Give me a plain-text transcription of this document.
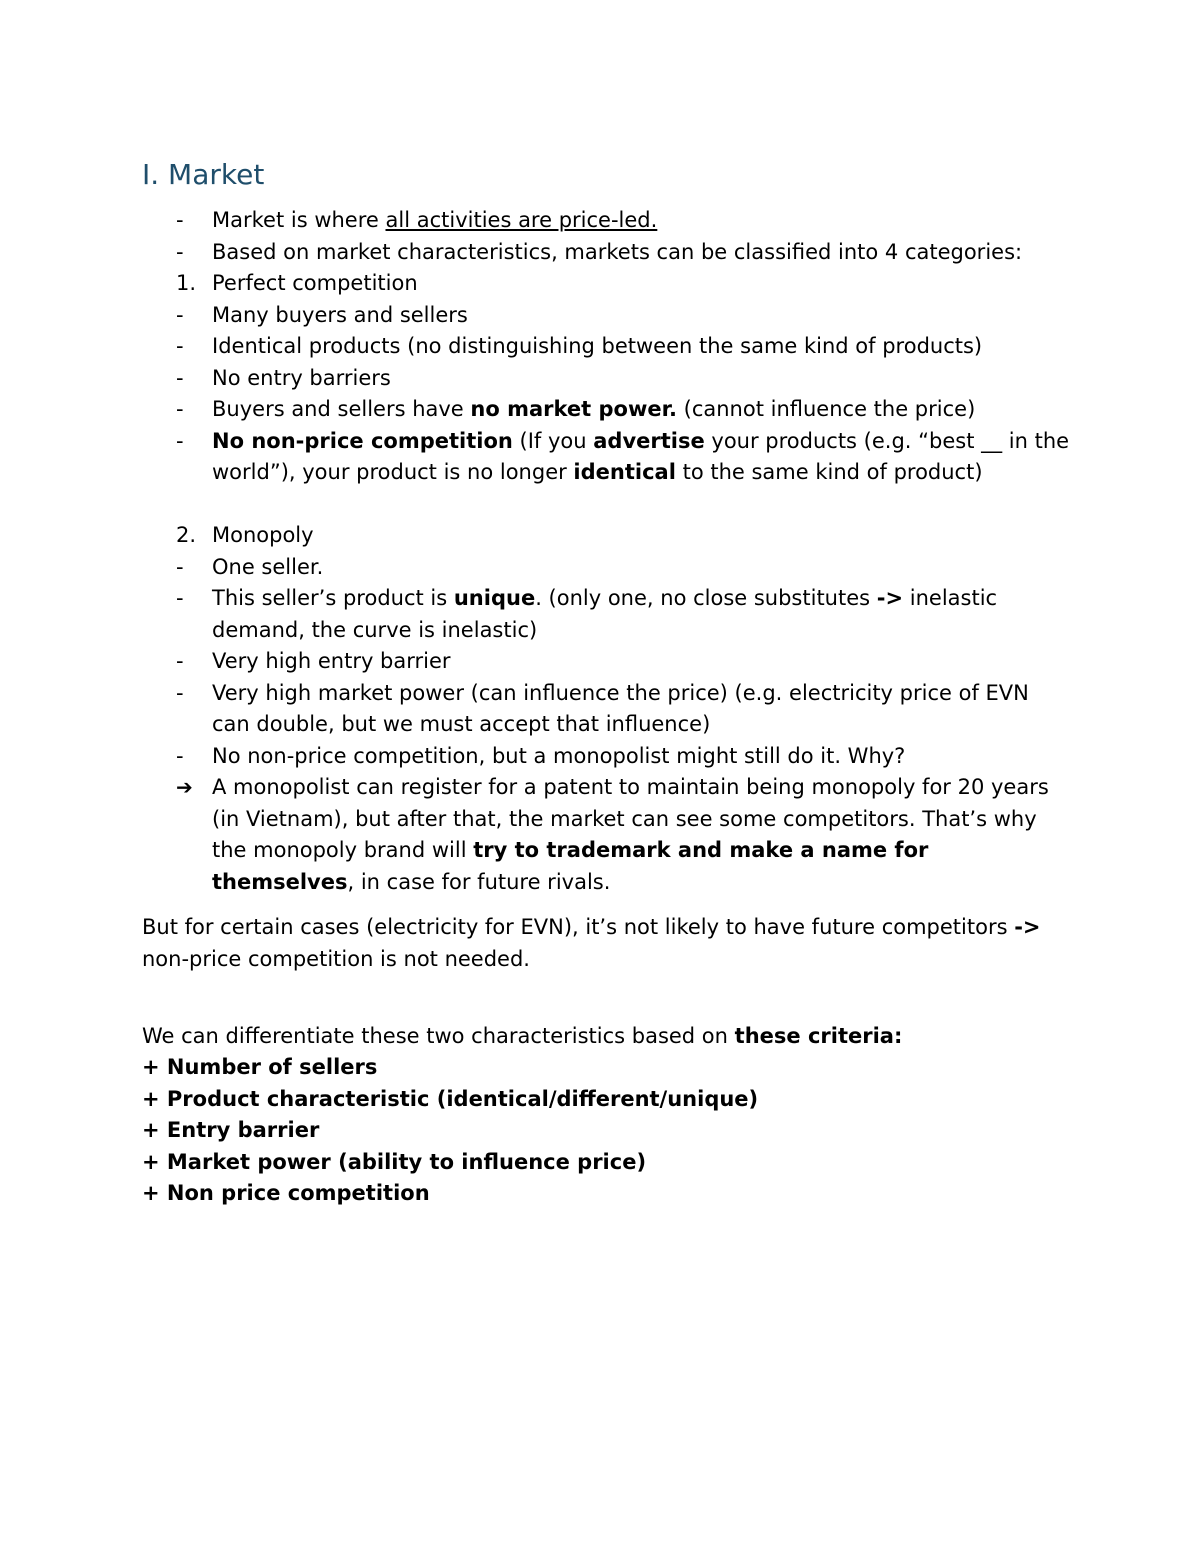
I. Market
-	Market is where all activities are price-led.
-	Based on market characteristics, markets can be classified into 4 categories:
1. Perfect competition
-	Many buyers and sellers
-	Identical products (no distinguishing between the same kind of products)
-	No entry barriers
-	Buyers and sellers have no market power. (cannot influence the price)
-	No non-price competition (If you advertise your products (e.g. “best __ in the world”), your product is no longer identical to the same kind of product)
2. Monopoly
-	One seller.
-	This seller’s product is unique. (only one, no close substitutes -> inelastic demand, the curve is inelastic)
-	Very high entry barrier
-	Very high market power (can influence the price) (e.g. electricity price of EVN can double, but we must accept that influence)
-	No non-price competition, but a monopolist might still do it. Why?
➔ A monopolist can register for a patent to maintain being monopoly for 20 years (in Vietnam), but after that, the market can see some competitors. That’s why the monopoly brand will try to trademark and make a name for themselves, in case for future rivals.

But for certain cases (electricity for EVN), it’s not likely to have future competitors -> non-price competition is not needed.

We can differentiate these two characteristics based on these criteria:

+ Number of sellers

+ Product characteristic (identical/different/unique)

+ Entry barrier

+ Market power (ability to influence price)

+ Non price competition
